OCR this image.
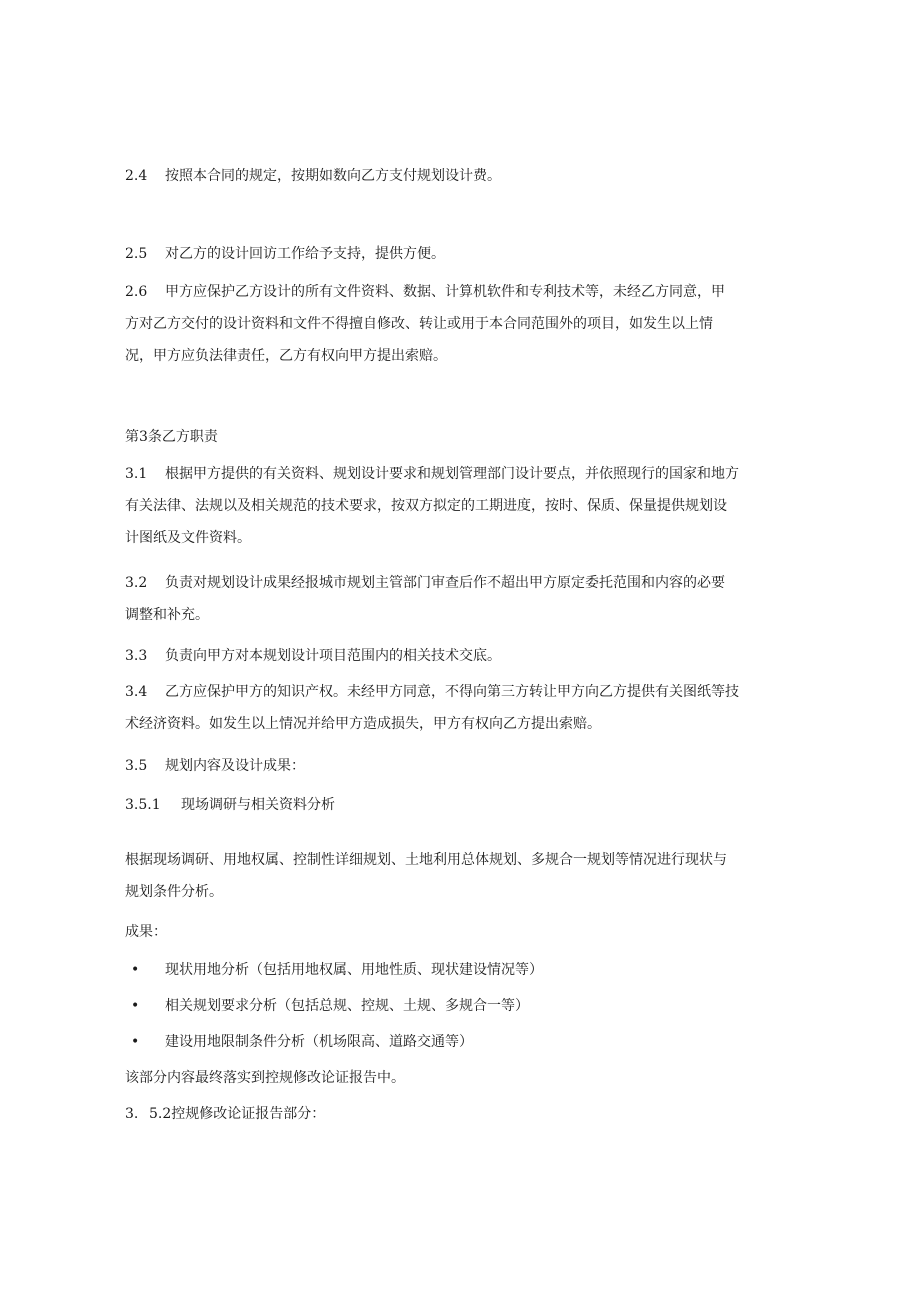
2.4 按照本合同的规定，按期如数向乙方支付规划设计费。

2.5 对乙方的设计回访工作给予支持，提供方便。

2.6 甲方应保护乙方设计的所有文件资料、数据、计算机软件和专利技术等，未经乙方同意，甲
方对乙方交付的设计资料和文件不得擅自修改、转让或用于本合同范围外的项目，如发生以上情
况，甲方应负法律责任，乙方有权向甲方提出索赔。

第3条乙方职责

3.1 根据甲方提供的有关资料、规划设计要求和规划管理部门设计要点，并依照现行的国家和地方
有关法律、法规以及相关规范的技术要求，按双方拟定的工期进度，按时、保质、保量提供规划设
计图纸及文件资料。

3.2 负责对规划设计成果经报城市规划主管部门审查后作不超出甲方原定委托范围和内容的必要
调整和补充。

3.3 负责向甲方对本规划设计项目范围内的相关技术交底。

3.4 乙方应保护甲方的知识产权。未经甲方同意，不得向第三方转让甲方向乙方提供有关图纸等技
术经济资料。如发生以上情况并给甲方造成损失，甲方有权向乙方提出索赔。

3.5 规划内容及设计成果：

3.5.1 现场调研与相关资料分析

根据现场调研、用地权属、控制性详细规划、土地利用总体规划、多规合一规划等情况进行现状与
规划条件分析。

成果：

• 现状用地分析（包括用地权属、用地性质、现状建设情况等）

• 相关规划要求分析（包括总规、控规、土规、多规合一等）

• 建设用地限制条件分析（机场限高、道路交通等）

该部分内容最终落实到控规修改论证报告中。

3. 5.2控规修改论证报告部分：
